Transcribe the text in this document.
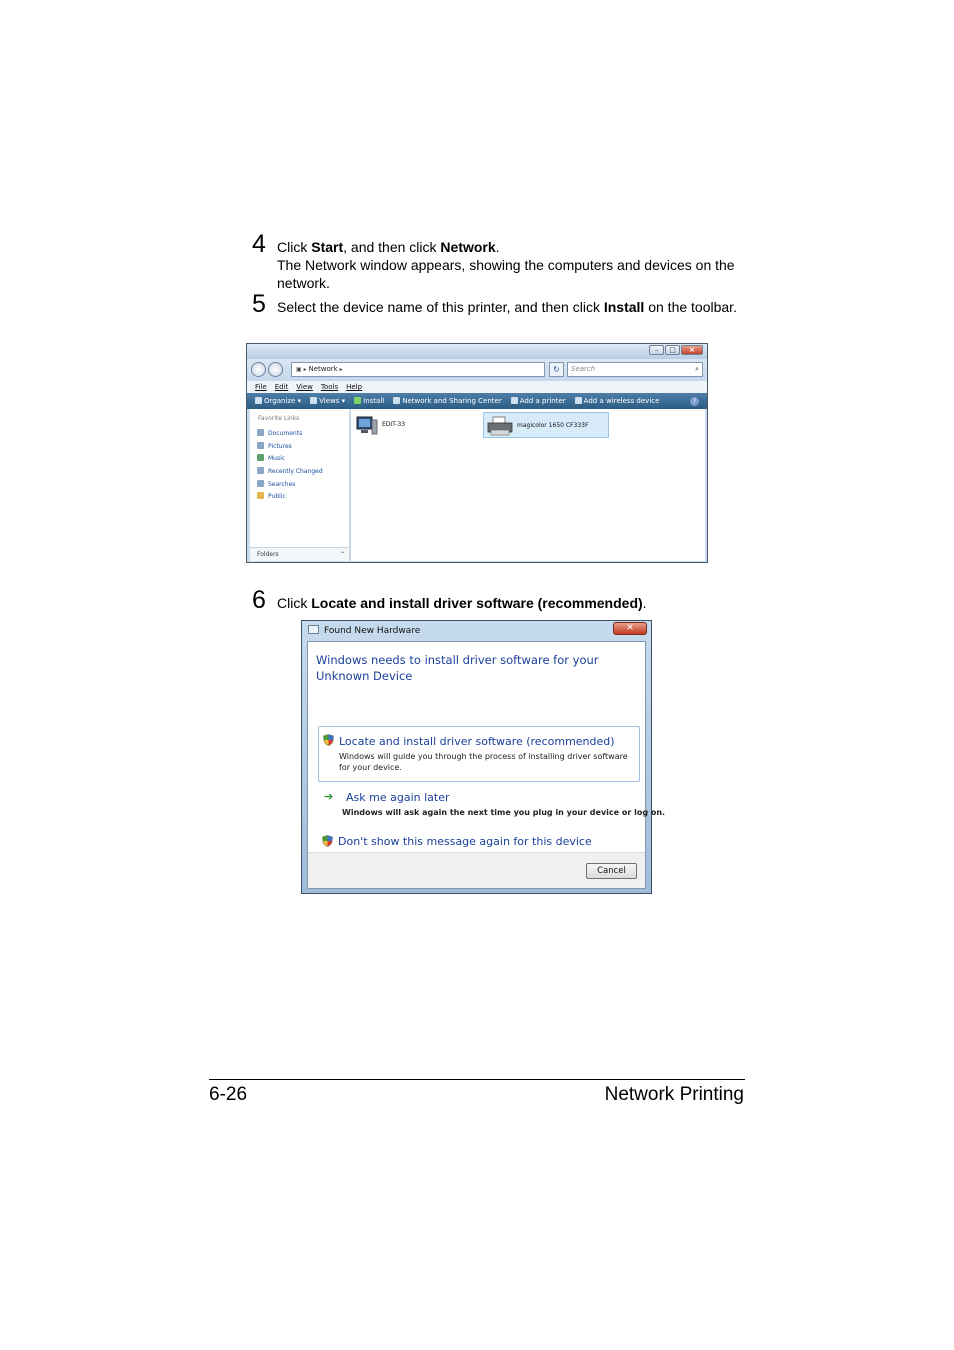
4 Click Start, and then click Network.
The Network window appears, showing the computers and devices on the network.
5 Select the device name of this printer, and then click Install on the toolbar.
–	□	×
▣ ▸ Network ▸	↻	Search	⌕
File Edit View Tools Help
Organize ▾	Views ▾	Install	Network and Sharing Center	Add a printer	Add a wireless device	?
Favorite Links
Documents
Pictures
Music
Recently Changed
Searches
Public
Folders	⌃
EDIT-33	magicolor 1650 CF333F
6 Click Locate and install driver software (recommended).
Found New Hardware	✕
Windows needs to install driver software for your Unknown Device
Locate and install driver software (recommended)
Windows will guide you through the process of installing driver software
for your device.
➔ Ask me again later
Windows will ask again the next time you plug in your device or log on.
Don't show this message again for this device
Cancel
6-26	Network Printing
